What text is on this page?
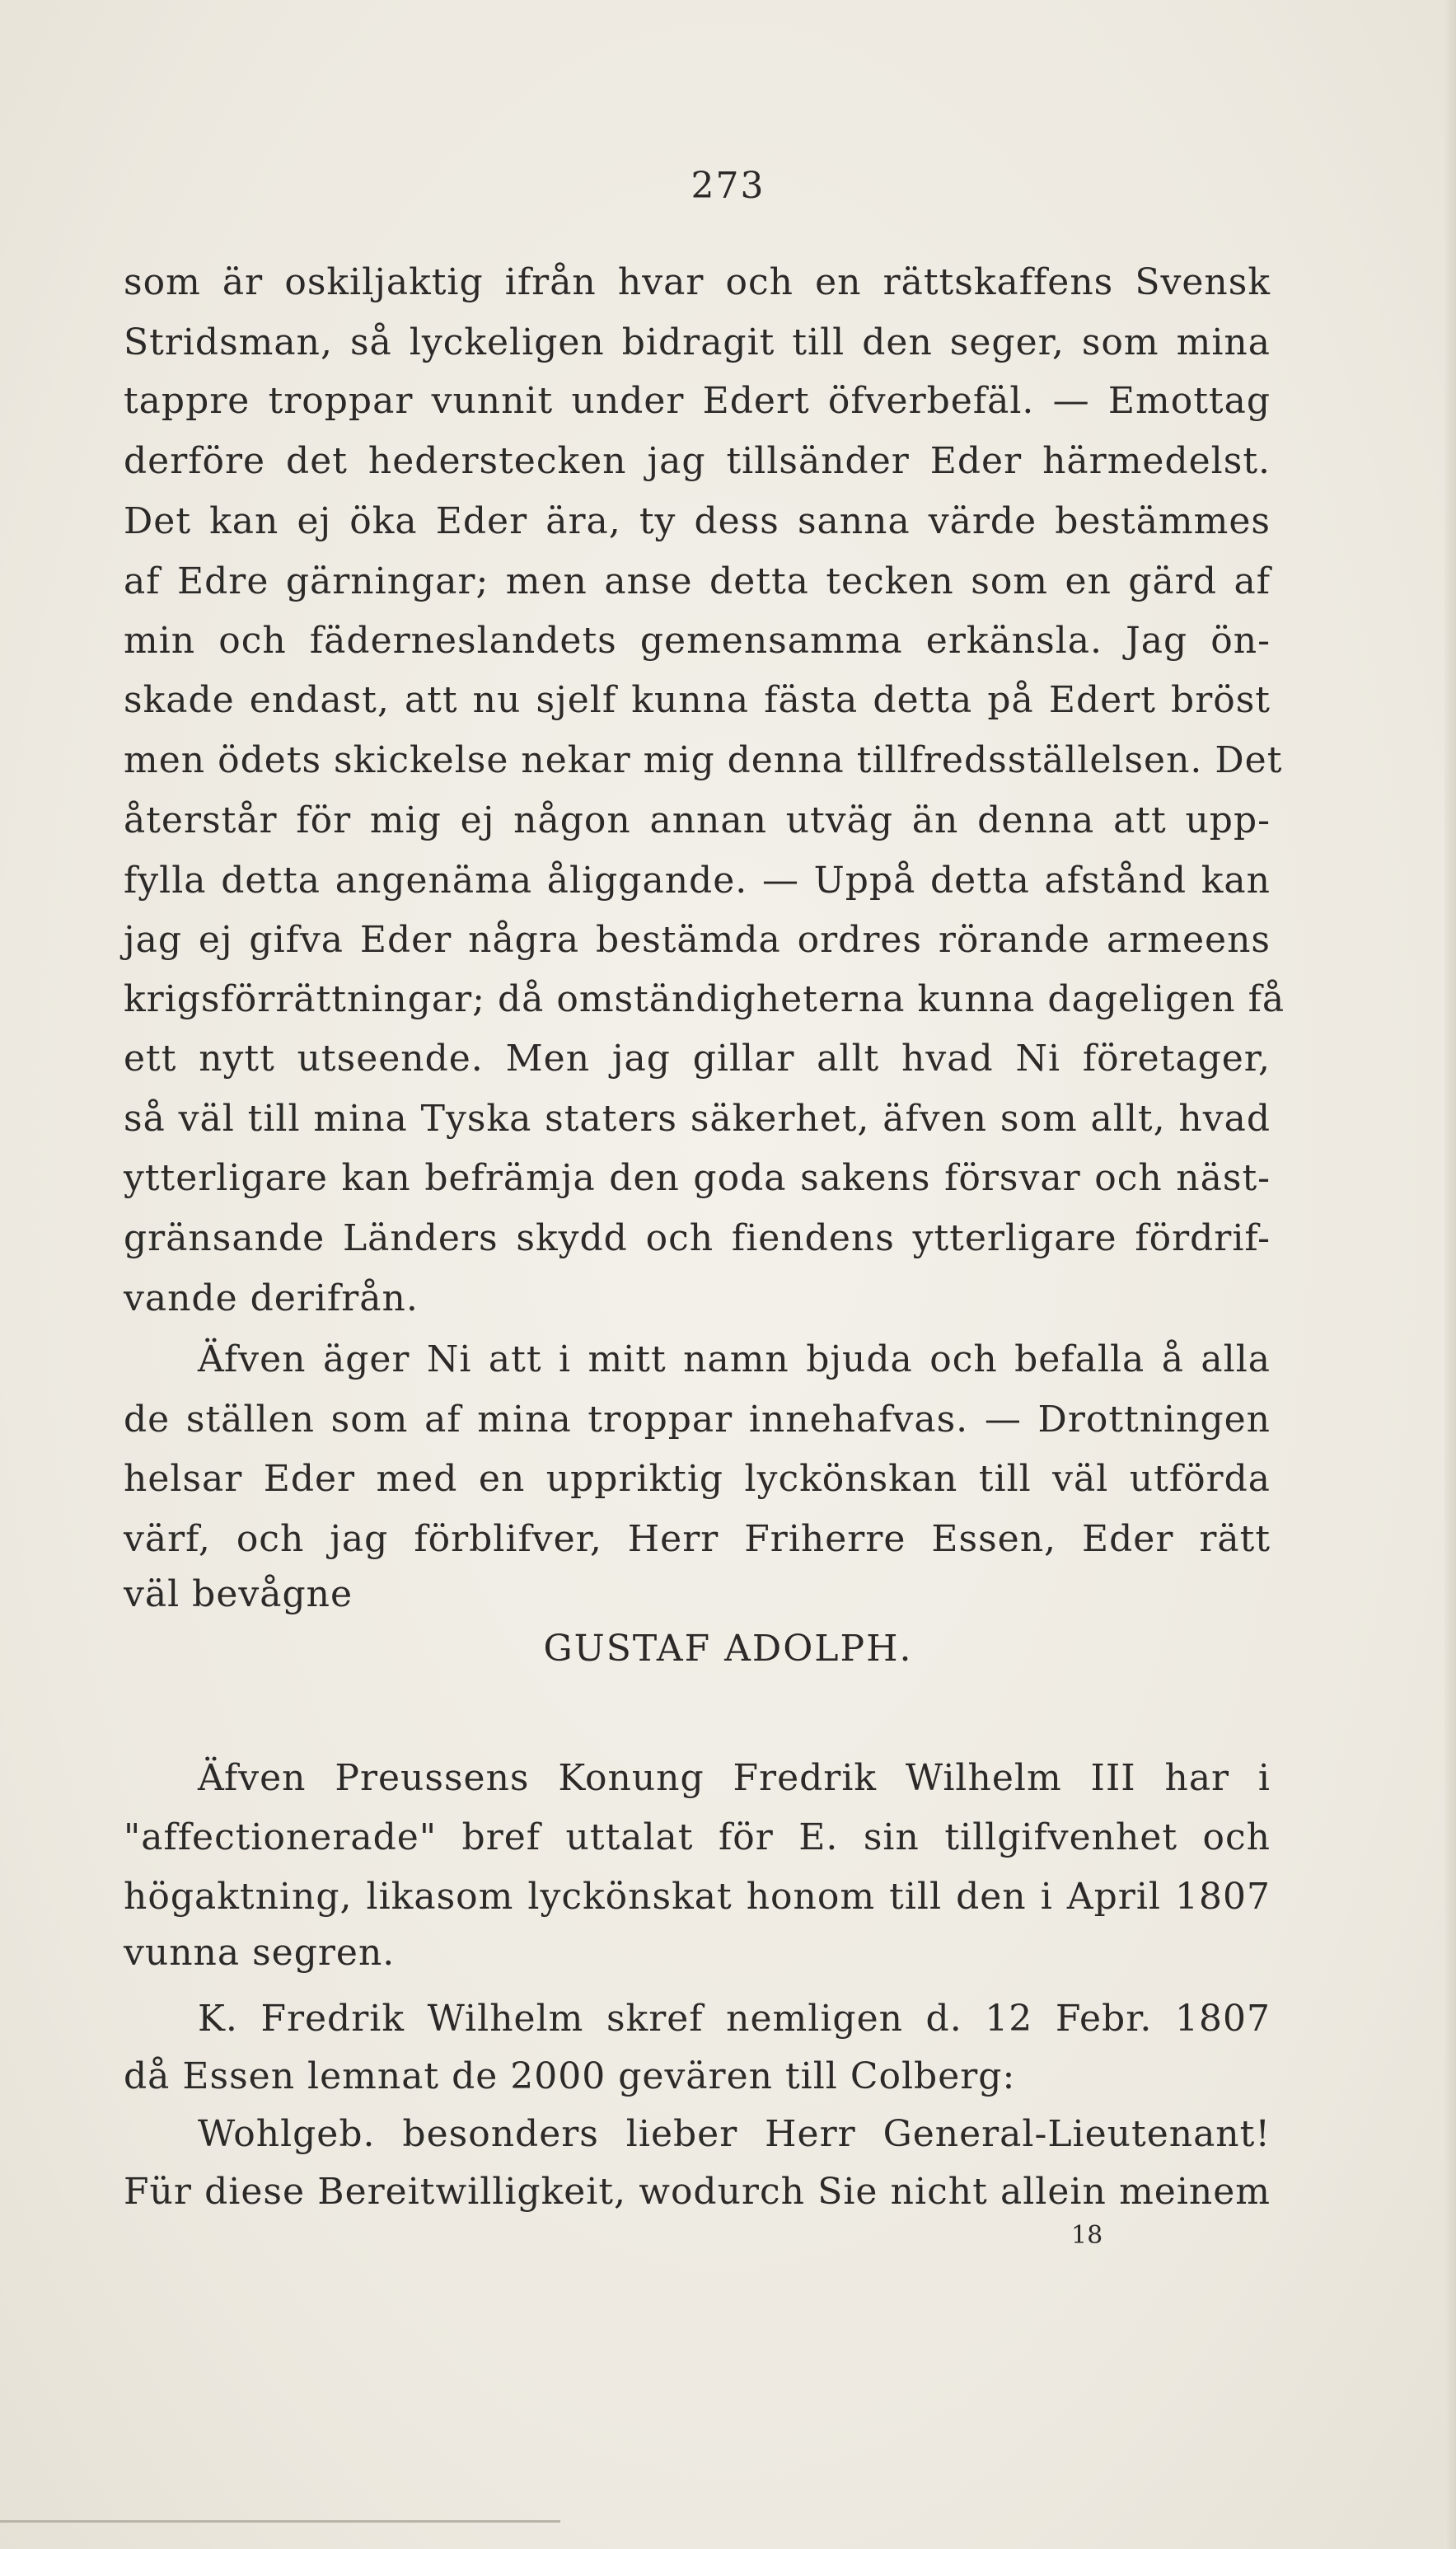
273
som är oskiljaktig ifrån hvar och en rättskaffens Svensk
Stridsman, så lyckeligen bidragit till den seger, som mina
tappre troppar vunnit under Edert öfverbefäl. — Emottag
derföre det hederstecken jag tillsänder Eder härmedelst.
Det kan ej öka Eder ära, ty dess sanna värde bestämmes
af Edre gärningar; men anse detta tecken som en gärd af
min och fäderneslandets gemensamma erkänsla. Jag ön-
skade endast, att nu sjelf kunna fästa detta på Edert bröst
men ödets skickelse nekar mig denna tillfredsställelsen. Det
återstår för mig ej någon annan utväg än denna att upp-
fylla detta angenäma åliggande. — Uppå detta afstånd kan
jag ej gifva Eder några bestämda ordres rörande armeens
krigsförrättningar; då omständigheterna kunna dageligen få
ett nytt utseende. Men jag gillar allt hvad Ni företager,
så väl till mina Tyska staters säkerhet, äfven som allt, hvad
ytterligare kan befrämja den goda sakens försvar och näst-
gränsande Länders skydd och fiendens ytterligare fördrif-
vande derifrån.
Äfven äger Ni att i mitt namn bjuda och befalla å alla
de ställen som af mina troppar innehafvas. — Drottningen
helsar Eder med en uppriktig lyckönskan till väl utförda
värf, och jag förblifver, Herr Friherre Essen, Eder rätt
väl bevågne
GUSTAF ADOLPH.
Äfven Preussens Konung Fredrik Wilhelm III har i
"affectionerade" bref uttalat för E. sin tillgifvenhet och
högaktning, likasom lyckönskat honom till den i April 1807
vunna segren.
K. Fredrik Wilhelm skref nemligen d. 12 Febr. 1807
då Essen lemnat de 2000 gevären till Colberg:
Wohlgeb. besonders lieber Herr General-Lieutenant!
Für diese Bereitwilligkeit, wodurch Sie nicht allein meinem
18
